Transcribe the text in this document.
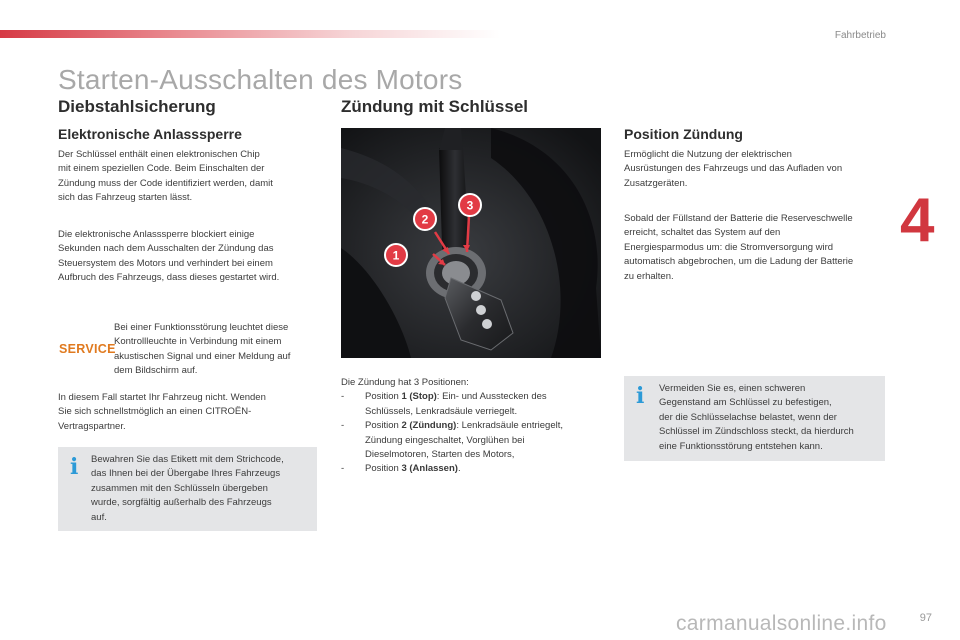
Fahrbetrieb
4
Starten-Ausschalten des Motors
Diebstahlsicherung
Elektronische Anlasssperre
Der Schlüssel enthält einen elektronischen Chip
mit einem speziellen Code. Beim Einschalten der
Zündung muss der Code identifiziert werden, damit
sich das Fahrzeug starten lässt.
Die elektronische Anlasssperre blockiert einige
Sekunden nach dem Ausschalten der Zündung das
Steuersystem des Motors und verhindert bei einem
Aufbruch des Fahrzeugs, dass dieses gestartet wird.
SERVICE
Bei einer Funktionsstörung leuchtet diese
Kontrollleuchte in Verbindung mit einem
akustischen Signal und einer Meldung auf
dem Bildschirm auf.
In diesem Fall startet Ihr Fahrzeug nicht. Wenden
Sie sich schnellstmöglich an einen CITROËN-
Vertragspartner.
i Bewahren Sie das Etikett mit dem Strichcode,
das Ihnen bei der Übergabe Ihres Fahrzeugs
zusammen mit den Schlüsseln übergeben
wurde, sorgfältig außerhalb des Fahrzeugs
auf.
Zündung mit Schlüssel
1
2
3
Die Zündung hat 3 Positionen:
- Position 1 (Stop): Ein- und Ausstecken des
Schlüssels, Lenkradsäule verriegelt.
- Position 2 (Zündung): Lenkradsäule entriegelt,
Zündung eingeschaltet, Vorglühen bei
Dieselmotoren, Starten des Motors,
- Position 3 (Anlassen).
Position Zündung
Ermöglicht die Nutzung der elektrischen
Ausrüstungen des Fahrzeugs und das Aufladen von
Zusatzgeräten.
Sobald der Füllstand der Batterie die Reserveschwelle
erreicht, schaltet das System auf den
Energiesparmodus um: die Stromversorgung wird
automatisch abgebrochen, um die Ladung der Batterie
zu erhalten.
i Vermeiden Sie es, einen schweren
Gegenstand am Schlüssel zu befestigen,
der die Schlüsselachse belastet, wenn der
Schlüssel im Zündschloss steckt, da hierdurch
eine Funktionsstörung entstehen kann.
carmanualsonline.info	97
